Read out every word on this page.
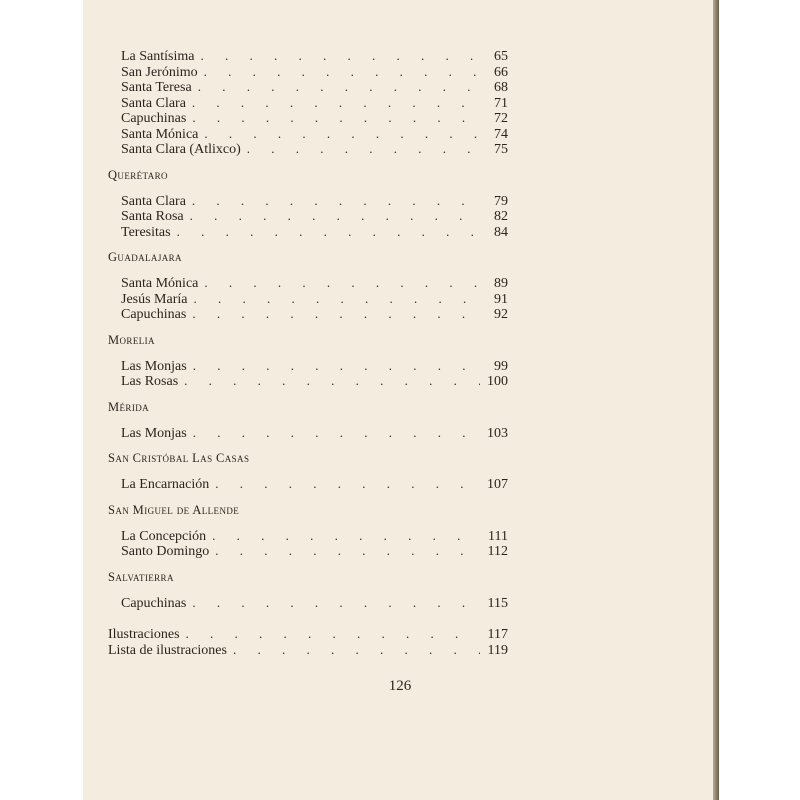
La Santísima . . .	65
San Jerónimo . . .	66
Santa Teresa . . .	68
Santa Clara . . .	71
Capuchinas . . .	72
Santa Mónica . . .	74
Santa Clara (Atlixco) . . .	75
Querétaro
Santa Clara . . .	79
Santa Rosa . . .	82
Teresitas . . .	84
Guadalajara
Santa Mónica . . .	89
Jesús María . . .	91
Capuchinas . . .	92
Morelia
Las Monjas . . .	99
Las Rosas . . .	100
Mérida
Las Monjas . . .	103
San Cristóbal Las Casas
La Encarnación . . .	107
San Miguel de Allende
La Concepción . . .	111
Santo Domingo . . .	112
Salvatierra
Capuchinas . . .	115
Ilustraciones . . .	117
Lista de ilustraciones . . .	119
126
